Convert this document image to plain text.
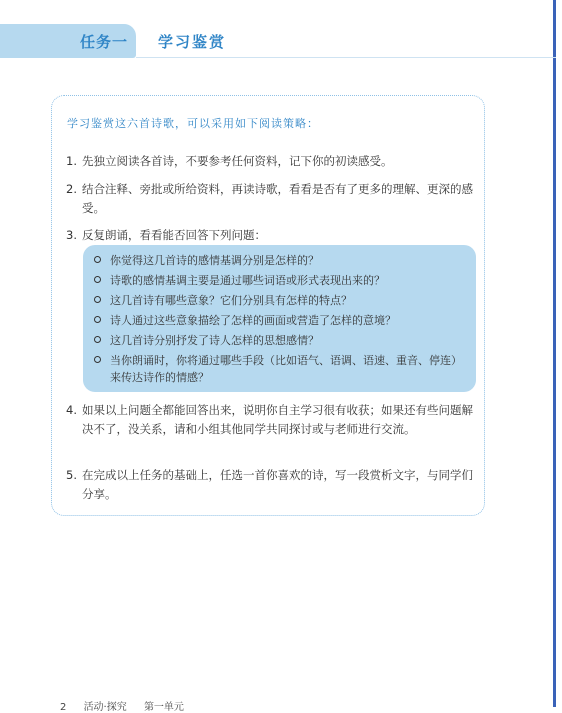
任务一 学习鉴赏
学习鉴赏这六首诗歌，可以采用如下阅读策略：
1. 先独立阅读各首诗，不要参考任何资料，记下你的初读感受。
2. 结合注释、旁批或所给资料，再读诗歌，看看是否有了更多的理解、更深的感受。
3. 反复朗诵，看看能否回答下列问题：
你觉得这几首诗的感情基调分别是怎样的？
诗歌的感情基调主要是通过哪些词语或形式表现出来的？
这几首诗有哪些意象？它们分别具有怎样的特点？
诗人通过这些意象描绘了怎样的画面或营造了怎样的意境？
这几首诗分别抒发了诗人怎样的思想感情？
当你朗诵时，你将通过哪些手段（比如语气、语调、语速、重音、停连）来传达诗作的情感？
4. 如果以上问题全都能回答出来，说明你自主学习很有收获；如果还有些问题解决不了，没关系，请和小组其他同学共同探讨或与老师进行交流。
5. 在完成以上任务的基础上，任选一首你喜欢的诗，写一段赏析文字，与同学们分享。
2 活动·探究 第一单元
